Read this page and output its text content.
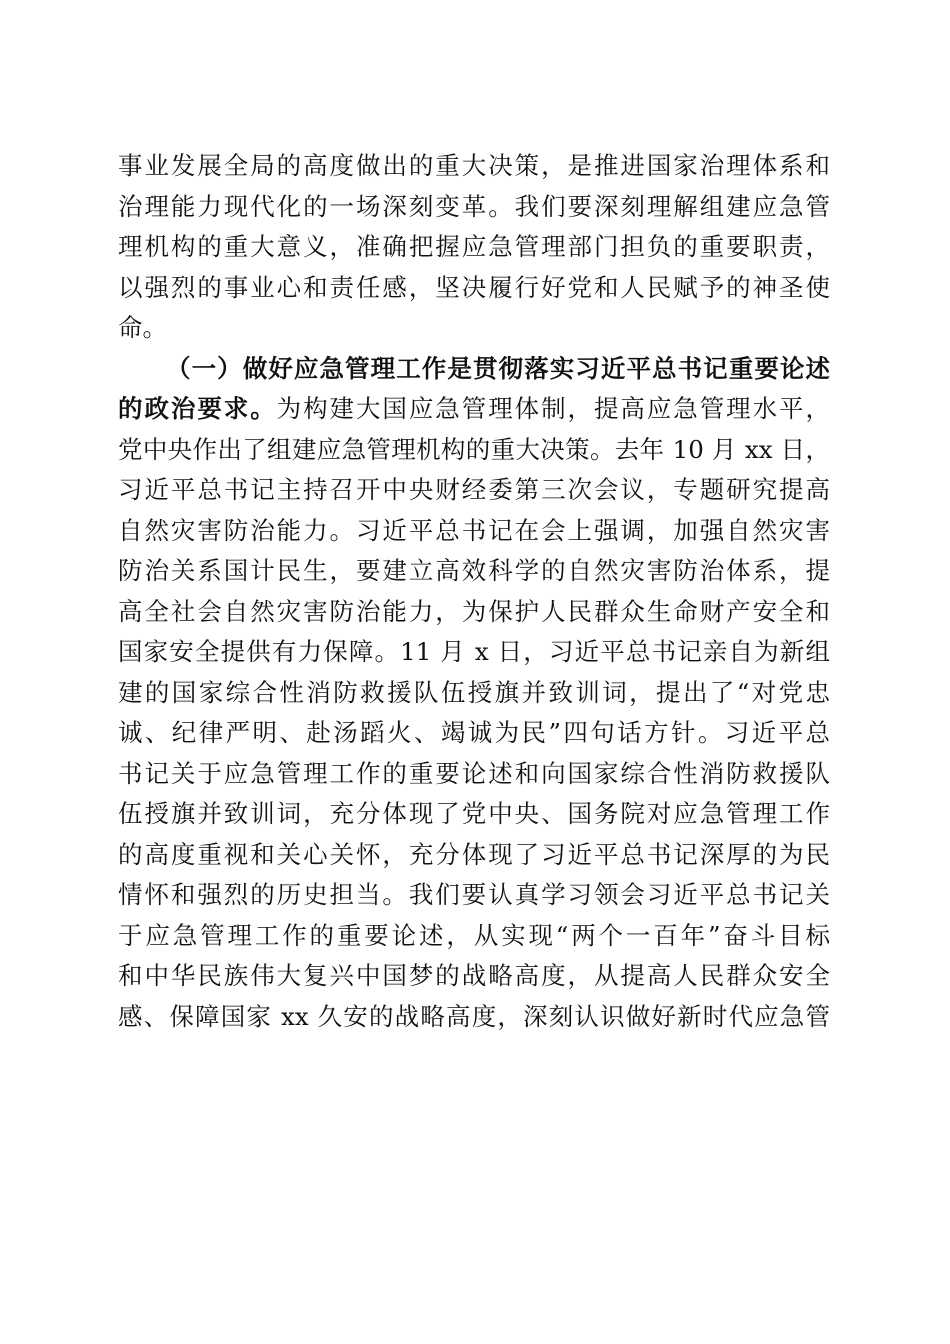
事业发展全局的高度做出的重大决策，是推进国家治理体系和
治理能力现代化的一场深刻变革。我们要深刻理解组建应急管
理机构的重大意义，准确把握应急管理部门担负的重要职责，
以强烈的事业心和责任感，坚决履行好党和人民赋予的神圣使
命。
（一）做好应急管理工作是贯彻落实习近平总书记重要论述
的政治要求。为构建大国应急管理体制，提高应急管理水平，
党中央作出了组建应急管理机构的重大决策。去年 10 月 xx 日，
习近平总书记主持召开中央财经委第三次会议，专题研究提高
自然灾害防治能力。习近平总书记在会上强调，加强自然灾害
防治关系国计民生，要建立高效科学的自然灾害防治体系，提
高全社会自然灾害防治能力，为保护人民群众生命财产安全和
国家安全提供有力保障。11 月 x 日，习近平总书记亲自为新组
建的国家综合性消防救援队伍授旗并致训词，提出了“对党忠
诚、纪律严明、赴汤蹈火、竭诚为民”四句话方针。习近平总
书记关于应急管理工作的重要论述和向国家综合性消防救援队
伍授旗并致训词，充分体现了党中央、国务院对应急管理工作
的高度重视和关心关怀，充分体现了习近平总书记深厚的为民
情怀和强烈的历史担当。我们要认真学习领会习近平总书记关
于应急管理工作的重要论述，从实现“两个一百年”奋斗目标
和中华民族伟大复兴中国梦的战略高度，从提高人民群众安全
感、保障国家 xx 久安的战略高度，深刻认识做好新时代应急管
